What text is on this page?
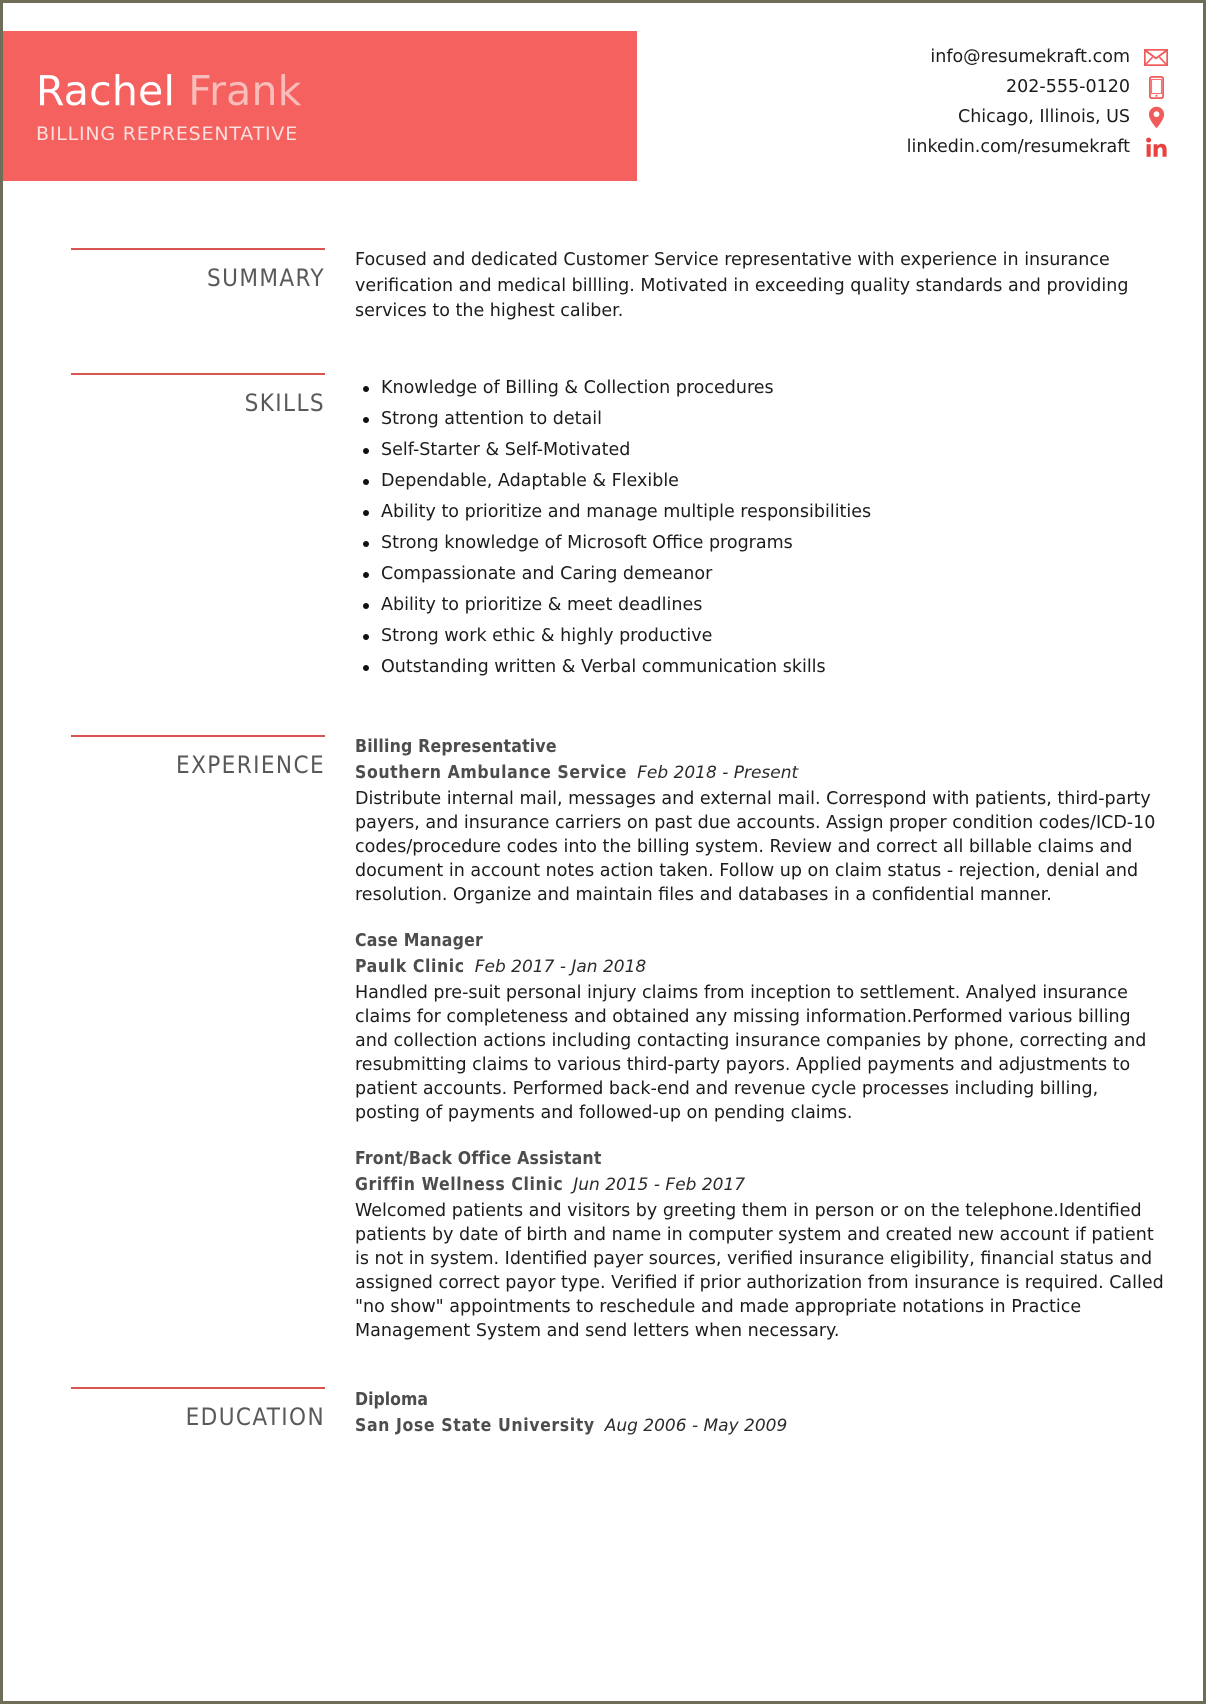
Rachel Frank
BILLING REPRESENTATIVE
info@resumekraft.com
202-555-0120
Chicago, Illinois, US
linkedin.com/resumekraft
SUMMARY
Focused and dedicated Customer Service representative with experience in insurance verification and medical billling. Motivated in exceeding quality standards and providing services to the highest caliber.
SKILLS
Knowledge of Billing & Collection procedures
Strong attention to detail
Self-Starter & Self-Motivated
Dependable, Adaptable & Flexible
Ability to prioritize and manage multiple responsibilities
Strong knowledge of Microsoft Office programs
Compassionate and Caring demeanor
Ability to prioritize & meet deadlines
Strong work ethic & highly productive
Outstanding written & Verbal communication skills
EXPERIENCE
Billing Representative
Southern Ambulance Service Feb 2018 - Present
Distribute internal mail, messages and external mail. Correspond with patients, third-party payers, and insurance carriers on past due accounts. Assign proper condition codes/ICD-10 codes/procedure codes into the billing system. Review and correct all billable claims and document in account notes action taken. Follow up on claim status - rejection, denial and resolution. Organize and maintain files and databases in a confidential manner.
Case Manager
Paulk Clinic Feb 2017 - Jan 2018
Handled pre-suit personal injury claims from inception to settlement. Analyed insurance claims for completeness and obtained any missing information.Performed various billing and collection actions including contacting insurance companies by phone, correcting and resubmitting claims to various third-party payors. Applied payments and adjustments to patient accounts. Performed back-end and revenue cycle processes including billing, posting of payments and followed-up on pending claims.
Front/Back Office Assistant
Griffin Wellness Clinic Jun 2015 - Feb 2017
Welcomed patients and visitors by greeting them in person or on the telephone.Identified patients by date of birth and name in computer system and created new account if patient is not in system. Identified payer sources, verified insurance eligibility, financial status and assigned correct payor type. Verified if prior authorization from insurance is required. Called "no show" appointments to reschedule and made appropriate notations in Practice Management System and send letters when necessary.
EDUCATION
Diploma
San Jose State University Aug 2006 - May 2009
